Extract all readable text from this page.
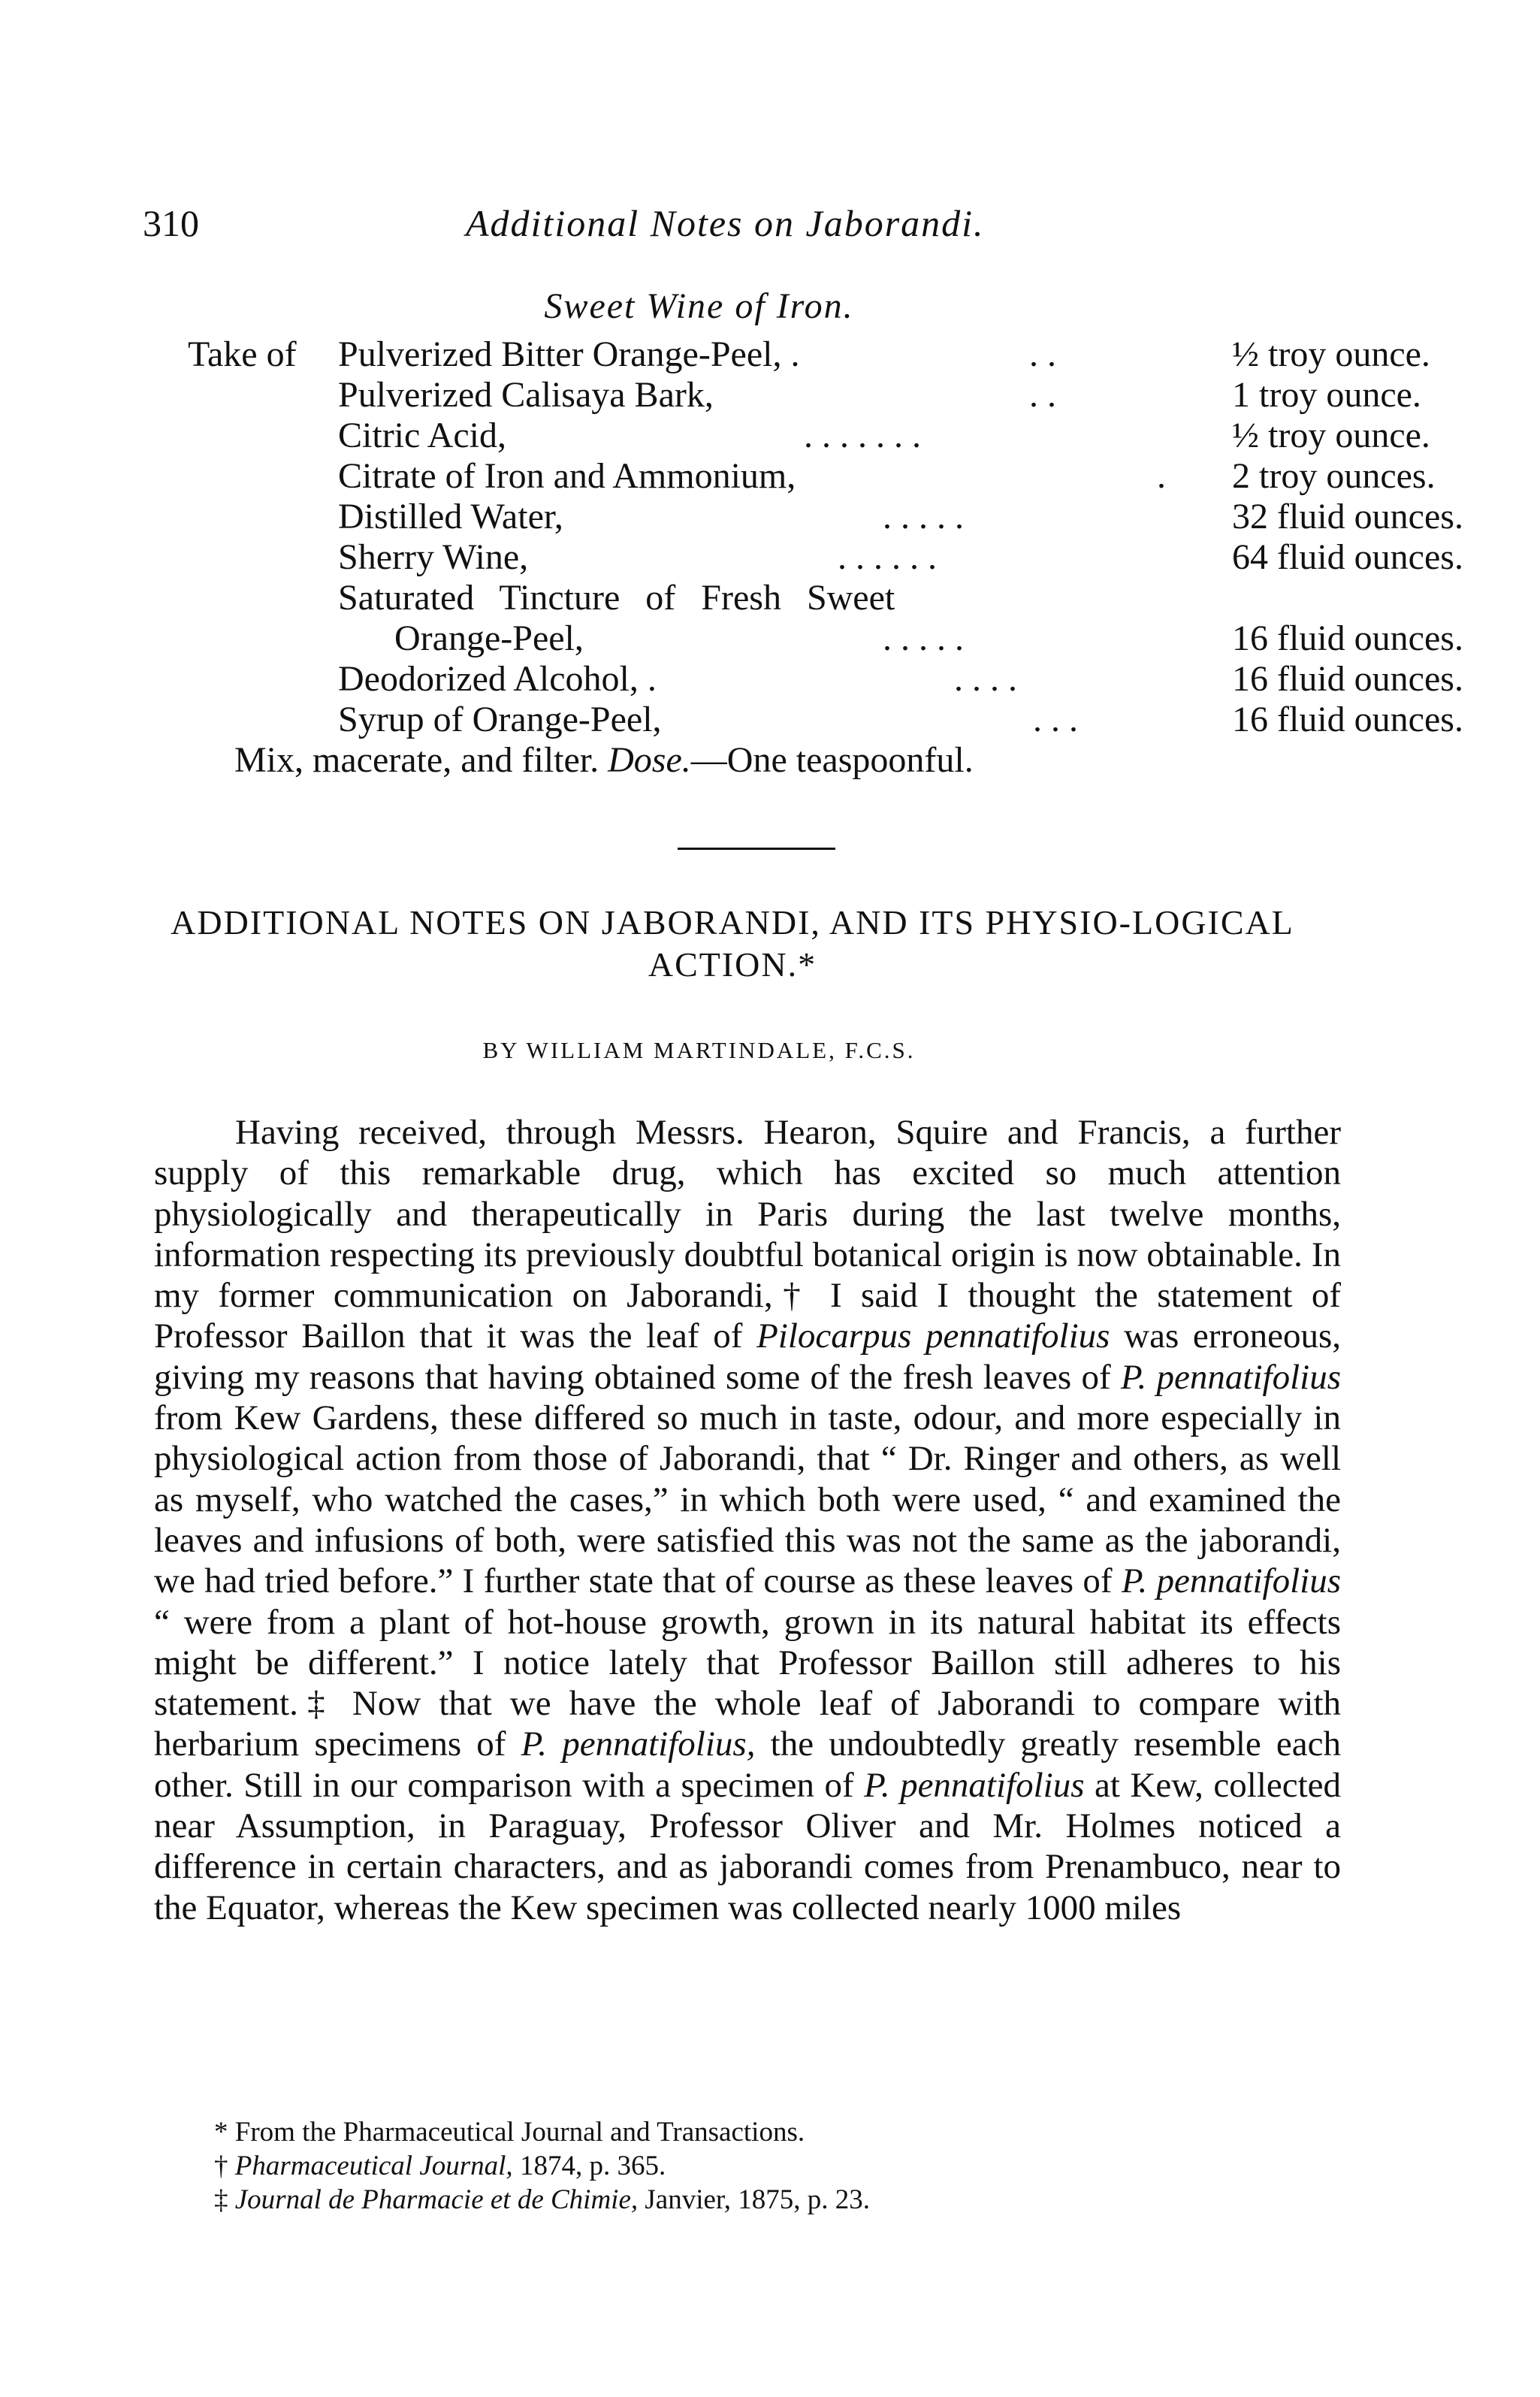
310	Additional Notes on Jaborandi.
Sweet Wine of Iron.
Take of Pulverized Bitter Orange-Peel, .	. .	½ troy ounce.
Pulverized Calisaya Bark,	. .	1 troy ounce.
Citric Acid,	. . . . . . .	½ troy ounce.
Citrate of Iron and Ammonium,	.	2 troy ounces.
Distilled Water,	. . . . .	32 fluid ounces.
Sherry Wine,	. . . . . .	64 fluid ounces.
Saturated Tincture of Fresh Sweet
Orange-Peel,	. . . . .	16 fluid ounces.
Deodorized Alcohol, .	. . . .	16 fluid ounces.
Syrup of Orange-Peel,	. . .	16 fluid ounces.
Mix, macerate, and filter. Dose.—One teaspoonful.
ADDITIONAL NOTES ON JABORANDI, AND ITS PHYSIO-LOGICAL ACTION.*
BY WILLIAM MARTINDALE, F.C.S.

Having received, through Messrs. Hearon, Squire and Francis, a further supply of this remarkable drug, which has excited so much attention physiologically and therapeutically in Paris during the last twelve months, information respecting its previously doubtful botanical origin is now obtainable. In my former communication on Jaborandi,† I said I thought the statement of Professor Baillon that it was the leaf of Pilocarpus pennatifolius was erroneous, giving my reasons that having obtained some of the fresh leaves of P. pennatifolius from Kew Gardens, these differed so much in taste, odour, and more especially in physiological action from those of Jaborandi, that “ Dr. Ringer and others, as well as myself, who watched the cases,” in which both were used, “ and examined the leaves and infusions of both, were satisfied this was not the same as the jaborandi, we had tried before.” I further state that of course as these leaves of P. pennatifolius “ were from a plant of hot-house growth, grown in its natural habitat its effects might be different.” I notice lately that Professor Baillon still adheres to his statement.‡ Now that we have the whole leaf of Jaborandi to compare with herbarium specimens of P. pennatifolius, the undoubtedly greatly resemble each other. Still in our comparison with a specimen of P. pennatifolius at Kew, collected near Assumption, in Paraguay, Professor Oliver and Mr. Holmes noticed a difference in certain characters, and as jaborandi comes from Prenambuco, near to the Equator, whereas the Kew specimen was collected nearly 1000 miles

* From the Pharmaceutical Journal and Transactions.
† Pharmaceutical Journal, 1874, p. 365.
‡ Journal de Pharmacie et de Chimie, Janvier, 1875, p. 23.
